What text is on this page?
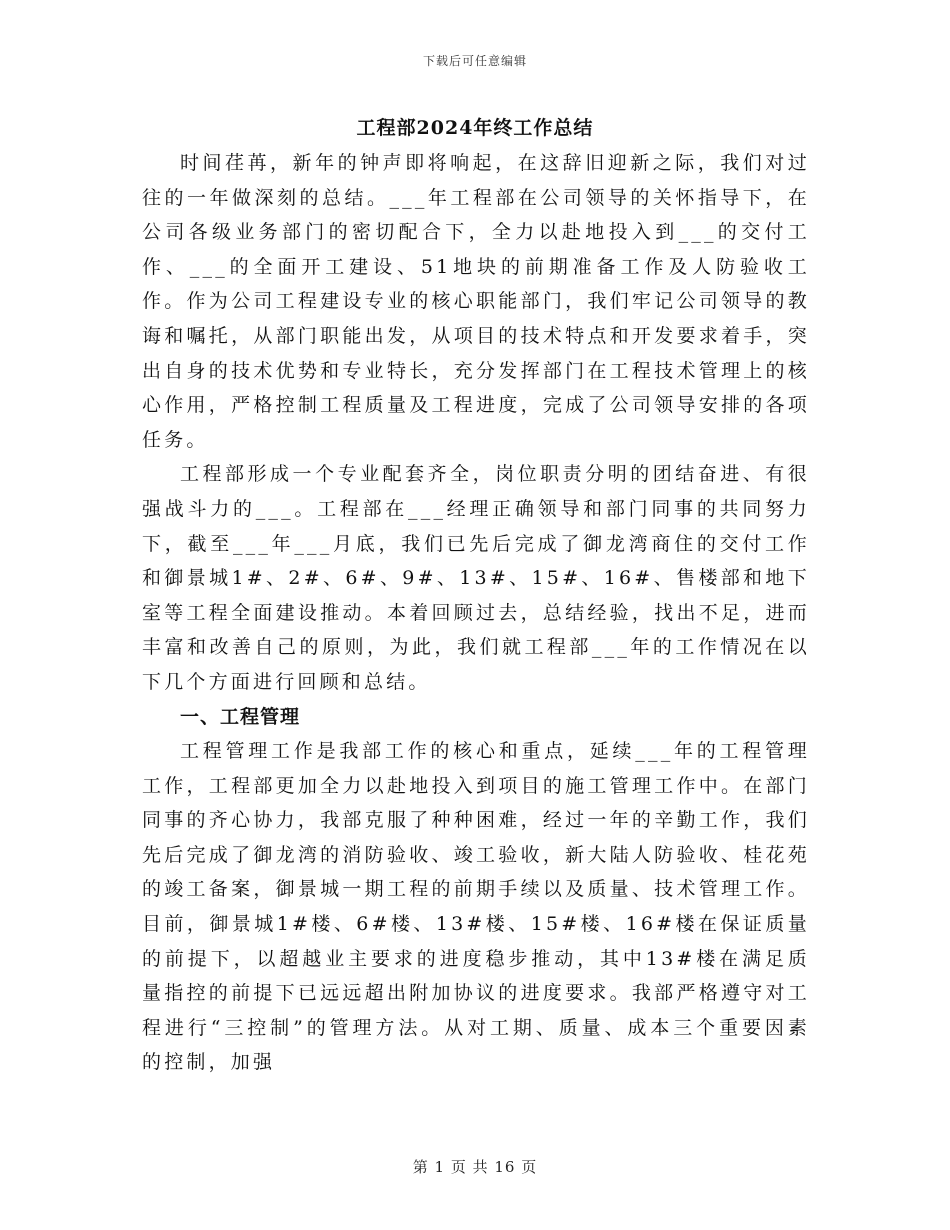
下载后可任意编辑
工程部2024年终工作总结

时间荏苒，新年的钟声即将响起，在这辞旧迎新之际，我们对过往的一年做深刻的总结。___年工程部在公司领导的关怀指导下，在公司各级业务部门的密切配合下，全力以赴地投入到___的交付工作、___的全面开工建设、51地块的前期准备工作及人防验收工作。作为公司工程建设专业的核心职能部门，我们牢记公司领导的教诲和嘱托，从部门职能出发，从项目的技术特点和开发要求着手，突出自身的技术优势和专业特长，充分发挥部门在工程技术管理上的核心作用，严格控制工程质量及工程进度，完成了公司领导安排的各项任务。

工程部形成一个专业配套齐全，岗位职责分明的团结奋进、有很强战斗力的___。工程部在___经理正确领导和部门同事的共同努力下，截至___年___月底，我们已先后完成了御龙湾商住的交付工作和御景城1#、2#、6#、9#、13#、15#、16#、售楼部和地下室等工程全面建设推动。本着回顾过去，总结经验，找出不足，进而丰富和改善自己的原则，为此，我们就工程部___年的工作情况在以下几个方面进行回顾和总结。

一、工程管理

工程管理工作是我部工作的核心和重点，延续___年的工程管理工作，工程部更加全力以赴地投入到项目的施工管理工作中。在部门同事的齐心协力，我部克服了种种困难，经过一年的辛勤工作，我们先后完成了御龙湾的消防验收、竣工验收，新大陆人防验收、桂花苑的竣工备案，御景城一期工程的前期手续以及质量、技术管理工作。目前，御景城1#楼、6#楼、13#楼、15#楼、16#楼在保证质量的前提下，以超越业主要求的进度稳步推动，其中13#楼在满足质量指控的前提下已远远超出附加协议的进度要求。我部严格遵守对工程进行“三控制”的管理方法。从对工期、质量、成本三个重要因素的控制，加强

第 1 页 共 16 页
